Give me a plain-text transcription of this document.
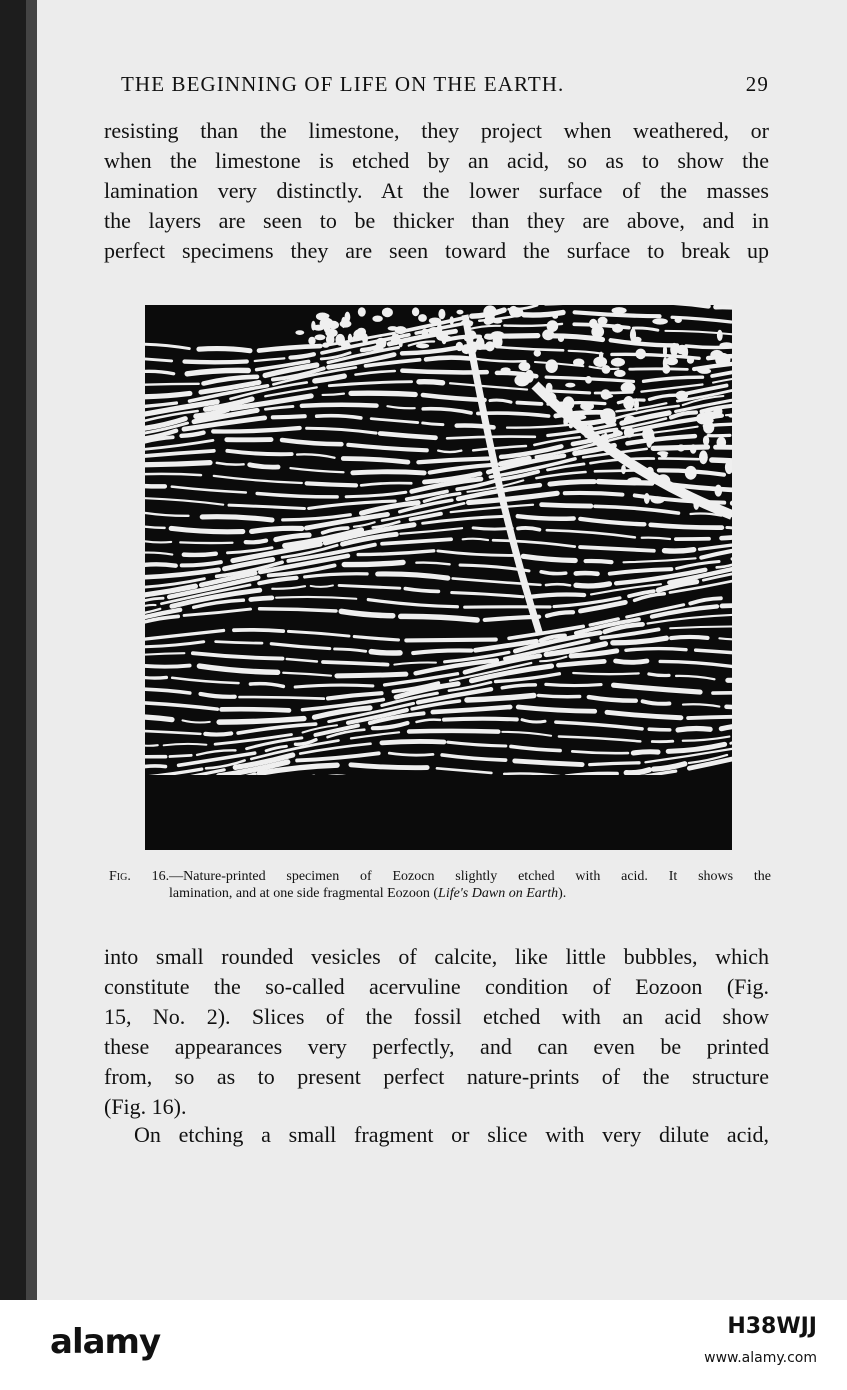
THE BEGINNING OF LIFE ON THE EARTH.	29
resisting than the limestone, they project when weathered, or
when the limestone is etched by an acid, so as to show the
lamination very distinctly. At the lower surface of the masses
the layers are seen to be thicker than they are above, and in
perfect specimens they are seen toward the surface to break up
Fig. 16.—Nature-printed specimen of Eozocn slightly etched with acid. It shows the
lamination, and at one side fragmental Eozoon (Life's Dawn on Earth).
into small rounded vesicles of calcite, like little bubbles, which
constitute the so-called acervuline condition of Eozoon (Fig.
15, No. 2). Slices of the fossil etched with an acid show
these appearances very perfectly, and can even be printed
from, so as to present perfect nature-prints of the structure
(Fig. 16).
On etching a small fragment or slice with very dilute acid,
alamy	H38WJJ
www.alamy.com
